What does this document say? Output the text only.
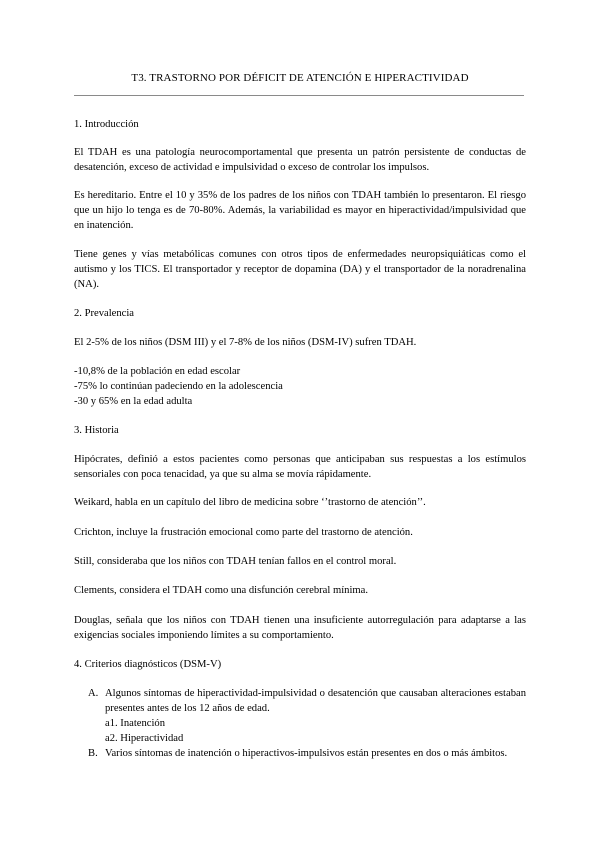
T3. TRASTORNO POR DÉFICIT DE ATENCIÓN E HIPERACTIVIDAD
1. Introducción
El TDAH es una patología neurocomportamental que presenta un patrón persistente de conductas de desatención, exceso de actividad e impulsividad o exceso de controlar los impulsos.
Es hereditario. Entre el 10 y 35% de los padres de los niños con TDAH también lo presentaron. El riesgo que un hijo lo tenga es de 70-80%. Además, la variabilidad es mayor en hiperactividad/impulsividad que en inatención.
Tiene genes y vías metabólicas comunes con otros tipos de enfermedades neuropsiquiáticas como el autismo y los TICS. El transportador y receptor de dopamina (DA) y el transportador de la noradrenalina (NA).
2. Prevalencia
El 2-5% de los niños (DSM III) y el 7-8% de los niños (DSM-IV) sufren TDAH.
-10,8% de la población en edad escolar
-75% lo continúan padeciendo en la adolescencia
-30 y 65% en la edad adulta
3. Historia
Hipócrates, definió a estos pacientes como personas que anticipaban sus respuestas a los estímulos sensoriales con poca tenacidad, ya que su alma se movía rápidamente.
Weikard, habla en un capítulo del libro de medicina sobre ‘’trastorno de atención’’.
Crichton, incluye la frustración emocional como parte del trastorno de atención.
Still, consideraba que los niños con TDAH tenían fallos en el control moral.
Clements, considera el TDAH como una disfunción cerebral mínima.
Douglas, señala que los niños con TDAH tienen una insuficiente autorregulación para adaptarse a las exigencias sociales imponiendo límites a su comportamiento.
4. Criterios diagnósticos (DSM-V)
A. Algunos síntomas de hiperactividad-impulsividad o desatención que causaban alteraciones estaban presentes antes de los 12 años de edad.
a1. Inatención
a2. Hiperactividad
B. Varios síntomas de inatención o hiperactivos-impulsivos están presentes en dos o más ámbitos.
